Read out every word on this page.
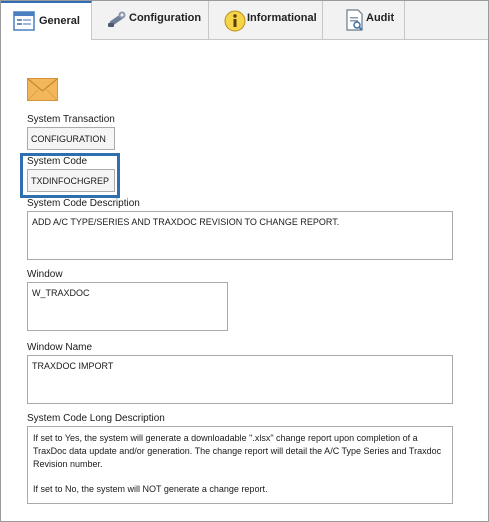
General	Configuration	Informational	Audit
System Transaction
CONFIGURATION
System Code
TXDINFOCHGREP
System Code Description
ADD A/C TYPE/SERIES AND TRAXDOC REVISION TO CHANGE REPORT.
Window
W_TRAXDOC
Window Name
TRAXDOC IMPORT
System Code Long Description
If set to Yes, the system will generate a downloadable ".xlsx" change report upon completion of a TraxDoc data update and/or generation. The change report will detail the A/C Type Series and Traxdoc Revision number.
If set to No, the system will NOT generate a change report.
